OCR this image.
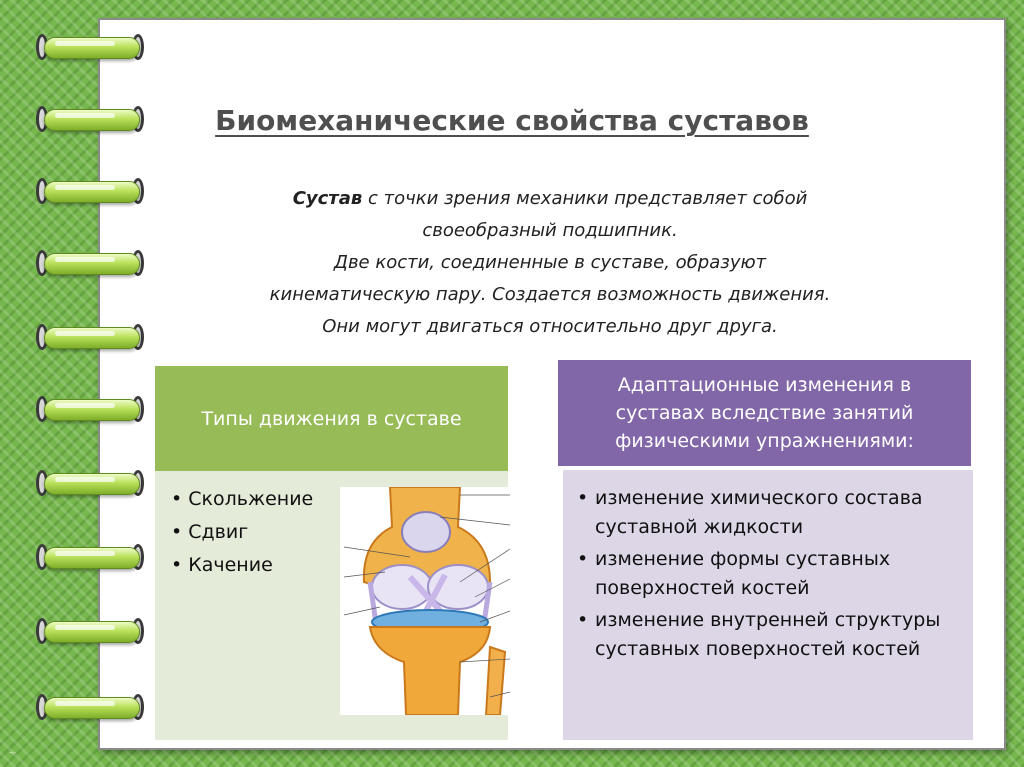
Биомеханические свойства суставов

Сустав с точки зрения механики представляет собой
своеобразный подшипник.
Две кости, соединенные в суставе, образуют
кинематическую пару. Создается возможность движения.
Они могут двигаться относительно друг друга.

Типы движения в суставе
• Скольжение
• Сдвиг
• Качение
Адаптационные изменения в суставах вследствие занятий физическими упражнениями:
• изменение химического состава суставной жидкости
• изменение формы суставных поверхностей костей
• изменение внутренней структуры суставных поверхностей костей
~
